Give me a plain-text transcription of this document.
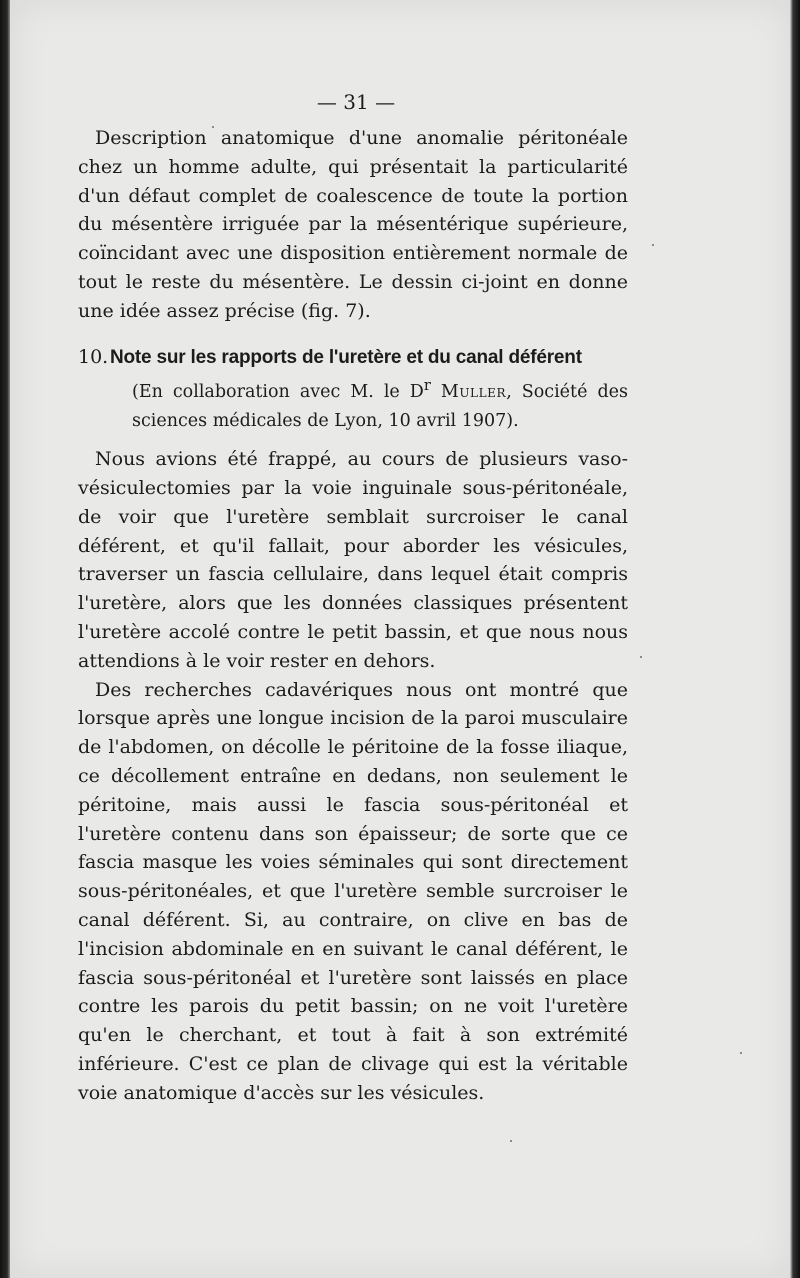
— 31 —

Description anatomique d'une anomalie péritonéale chez un homme adulte, qui présentait la particularité d'un défaut complet de coalescence de toute la portion du mésentère irriguée par la mésentérique supérieure, coïncidant avec une disposition entièrement normale de tout le reste du mésentère. Le dessin ci-joint en donne une idée assez précise (fig. 7).

10. Note sur les rapports de l'uretère et du canal déférent
(En collaboration avec M. le $D^r$ Muller, Société des sciences médicales de Lyon, 10 avril 1907).

Nous avions été frappé, au cours de plusieurs vaso-vésiculectomies par la voie inguinale sous-péritonéale, de voir que l'uretère semblait surcroiser le canal déférent, et qu'il fallait, pour aborder les vésicules, traverser un fascia cellulaire, dans lequel était compris l'uretère, alors que les données classiques présentent l'uretère accolé contre le petit bassin, et que nous nous attendions à le voir rester en dehors.

Des recherches cadavériques nous ont montré que lorsque après une longue incision de la paroi musculaire de l'abdomen, on décolle le péritoine de la fosse iliaque, ce décollement entraîne en dedans, non seulement le péritoine, mais aussi le fascia sous-péritonéal et l'uretère contenu dans son épaisseur; de sorte que ce fascia masque les voies séminales qui sont directement sous-péritonéales, et que l'uretère semble surcroiser le canal déférent. Si, au contraire, on clive en bas de l'incision abdominale en en suivant le canal déférent, le fascia sous-péritonéal et l'uretère sont laissés en place contre les parois du petit bassin; on ne voit l'uretère qu'en le cherchant, et tout à fait à son extrémité inférieure. C'est ce plan de clivage qui est la véritable voie anatomique d'accès sur les vésicules.
